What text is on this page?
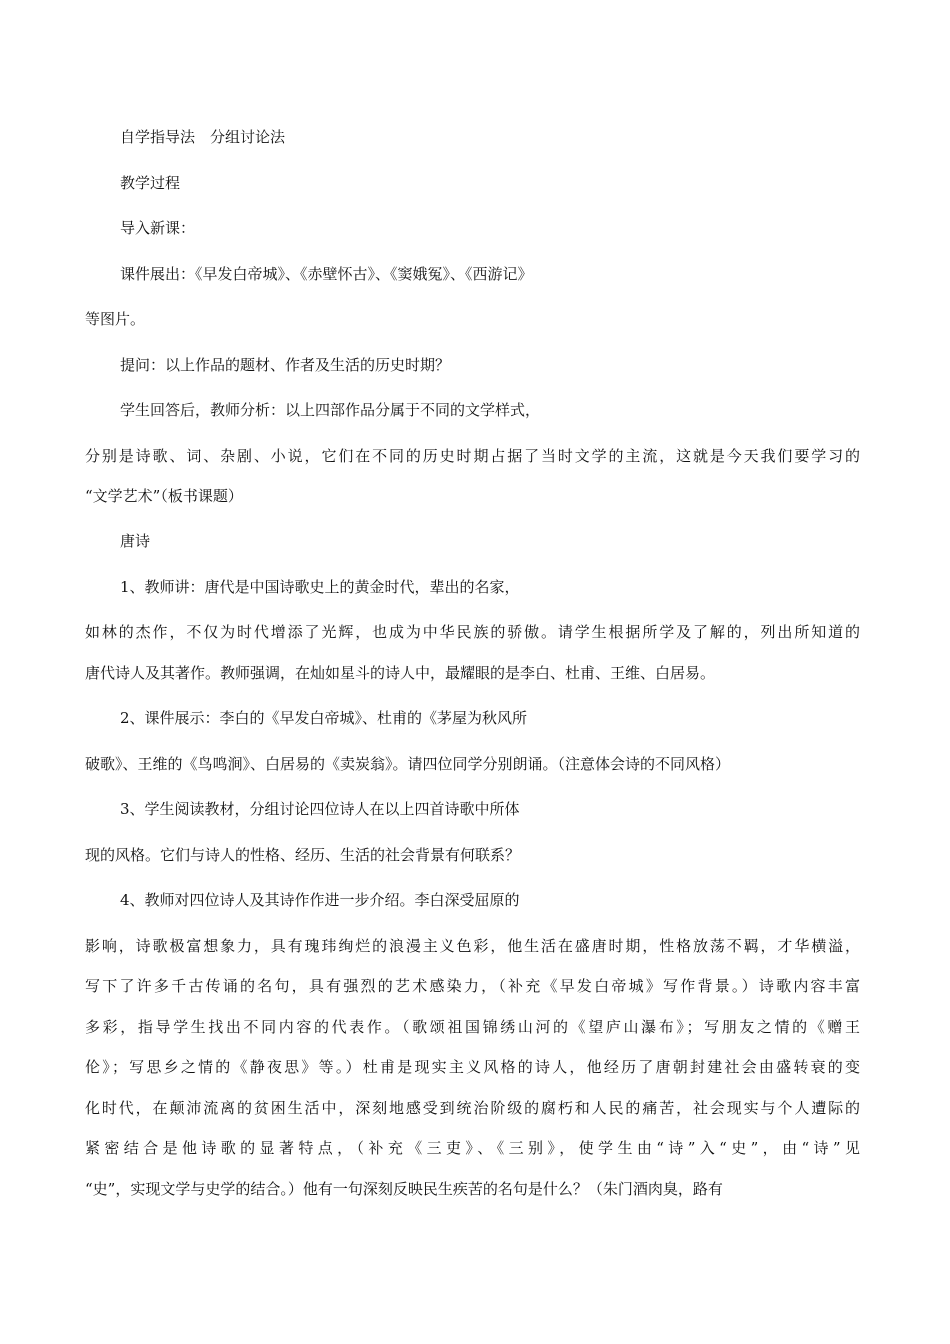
自学指导法　分组讨论法
教学过程
导入新课：
课件展出：《早发白帝城》、《赤壁怀古》、《窦娥冤》、《西游记》
等图片。
提问：以上作品的题材、作者及生活的历史时期？
学生回答后，教师分析：以上四部作品分属于不同的文学样式，
分别是诗歌、词、杂剧、小说，它们在不同的历史时期占据了当时文学的主流，这就是今天我们要学习的
“文学艺术”（板书课题）
唐诗
1、教师讲：唐代是中国诗歌史上的黄金时代，辈出的名家，
如林的杰作，不仅为时代增添了光辉，也成为中华民族的骄傲。请学生根据所学及了解的，列出所知道的
唐代诗人及其著作。教师强调，在灿如星斗的诗人中，最耀眼的是李白、杜甫、王维、白居易。
2、课件展示：李白的《早发白帝城》、杜甫的《茅屋为秋风所
破歌》、王维的《鸟鸣涧》、白居易的《卖炭翁》。请四位同学分别朗诵。（注意体会诗的不同风格）
3、学生阅读教材，分组讨论四位诗人在以上四首诗歌中所体
现的风格。它们与诗人的性格、经历、生活的社会背景有何联系？
4、教师对四位诗人及其诗作作进一步介绍。李白深受屈原的
影响，诗歌极富想象力，具有瑰玮绚烂的浪漫主义色彩，他生活在盛唐时期，性格放荡不羁，才华横溢，
写下了许多千古传诵的名句，具有强烈的艺术感染力，（补充《早发白帝城》写作背景。）诗歌内容丰富
多彩，指导学生找出不同内容的代表作。（歌颂祖国锦绣山河的《望庐山瀑布》；写朋友之情的《赠王
伦》；写思乡之情的《静夜思》等。）杜甫是现实主义风格的诗人，他经历了唐朝封建社会由盛转衰的变
化时代，在颠沛流离的贫困生活中，深刻地感受到统治阶级的腐朽和人民的痛苦，社会现实与个人遭际的
紧密结合是他诗歌的显著特点，（补充《三吏》、《三别》，使学生由“诗”入“史”，由“诗”见
“史”，实现文学与史学的结合。）他有一句深刻反映民生疾苦的名句是什么？（朱门酒肉臭，路有
